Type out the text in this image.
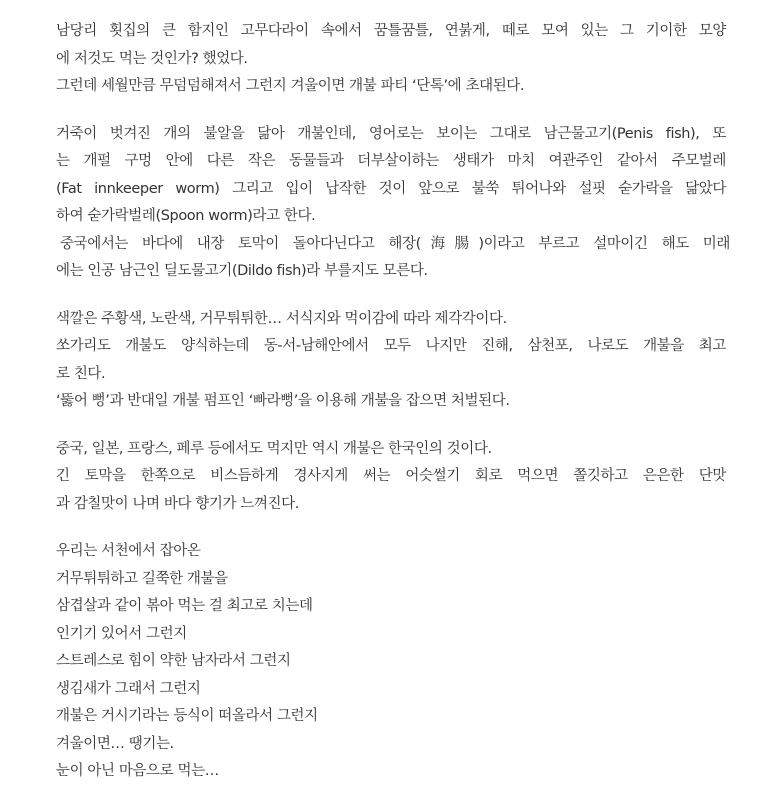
남당리 횟집의 큰 함지인 고무다라이 속에서 꿈틀꿈틀, 연붉게, 떼로 모여 있는 그 기이한 모양
에 저것도 먹는 것인가? 했었다.
그런데 세월만큼 무덤덤해져서 그런지 겨울이면 개불 파티 ‘단톡’에 초대된다.
거죽이 벗겨진 개의 불알을 닮아 개불인데, 영어로는 보이는 그대로 남근물고기(Penis fish), 또
는 개펄 구멍 안에 다른 작은 동물들과 더부살이하는 생태가 마치 여관주인 같아서 주모벌레
(Fat innkeeper worm) 그리고 입이 납작한 것이 앞으로 불쑥 튀어나와 설핏 숟가락을 닮았다
하여 숟가락벌레(Spoon worm)라고 한다.
중국에서는 바다에 내장 토막이 돌아다닌다고 해장(海腸)이라고 부르고 설마이긴 해도 미래
에는 인공 남근인 딜도물고기(Dildo fish)라 부를지도 모른다.
색깔은 주황색, 노란색, 거무튀튀한… 서식지와 먹이감에 따라 제각각이다.
쏘가리도 개불도 양식하는데 동-서-남해안에서 모두 나지만 진해, 삼천포, 나로도 개불을 최고
로 친다.
‘뚫어 뻥’과 반대일 개불 펌프인 ‘빠라뻥’을 이용해 개불을 잡으면 처벌된다.
중국, 일본, 프랑스, 페루 등에서도 먹지만 역시 개불은 한국인의 것이다.
긴 토막을 한쪽으로 비스듬하게 경사지게 써는 어슷썰기 회로 먹으면 쫄깃하고 은은한 단맛
과 감칠맛이 나며 바다 향기가 느껴진다.
우리는 서천에서 잡아온
거무튀튀하고 길쭉한 개불을
삼겹살과 같이 볶아 먹는 걸 최고로 치는데
인기기 있어서 그런지
스트레스로 힘이 약한 남자라서 그런지
생김새가 그래서 그런지
개불은 거시기라는 등식이 떠올라서 그런지
겨울이면… 땡기는.
눈이 아닌 마음으로 먹는…
